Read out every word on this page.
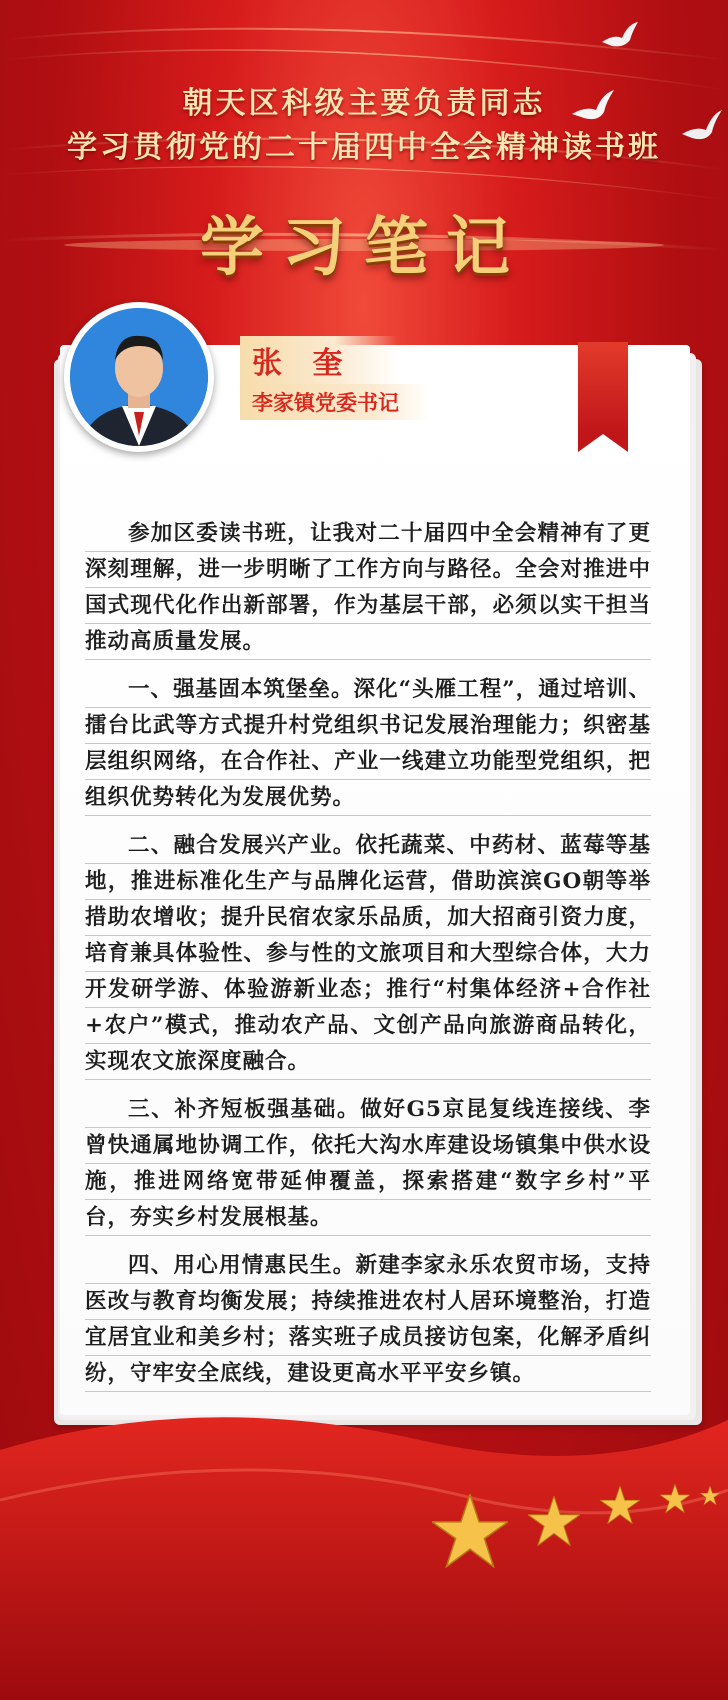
朝天区科级主要负责同志
学习贯彻党的二十届四中全会精神读书班
学习笔记
张 奎
李家镇党委书记

参加区委读书班，让我对二十届四中全会精神有了更深刻理解，进一步明晰了工作方向与路径。全会对推进中国式现代化作出新部署，作为基层干部，必须以实干担当推动高质量发展。

一、强基固本筑堡垒。深化“头雁工程”，通过培训、擂台比武等方式提升村党组织书记发展治理能力；织密基层组织网络，在合作社、产业一线建立功能型党组织，把组织优势转化为发展优势。

二、融合发展兴产业。依托蔬菜、中药材、蓝莓等基地，推进标准化生产与品牌化运营，借助滨滨GO朝等举措助农增收；提升民宿农家乐品质，加大招商引资力度，培育兼具体验性、参与性的文旅项目和大型综合体，大力开发研学游、体验游新业态；推行“村集体经济+合作社+农户”模式，推动农产品、文创产品向旅游商品转化，实现农文旅深度融合。

三、补齐短板强基础。做好G5京昆复线连接线、李曾快通属地协调工作，依托大沟水库建设场镇集中供水设施，推进网络宽带延伸覆盖，探索搭建“数字乡村”平台，夯实乡村发展根基。

四、用心用情惠民生。新建李家永乐农贸市场，支持医改与教育均衡发展；持续推进农村人居环境整治，打造宜居宜业和美乡村；落实班子成员接访包案，化解矛盾纠纷，守牢安全底线，建设更高水平平安乡镇。
